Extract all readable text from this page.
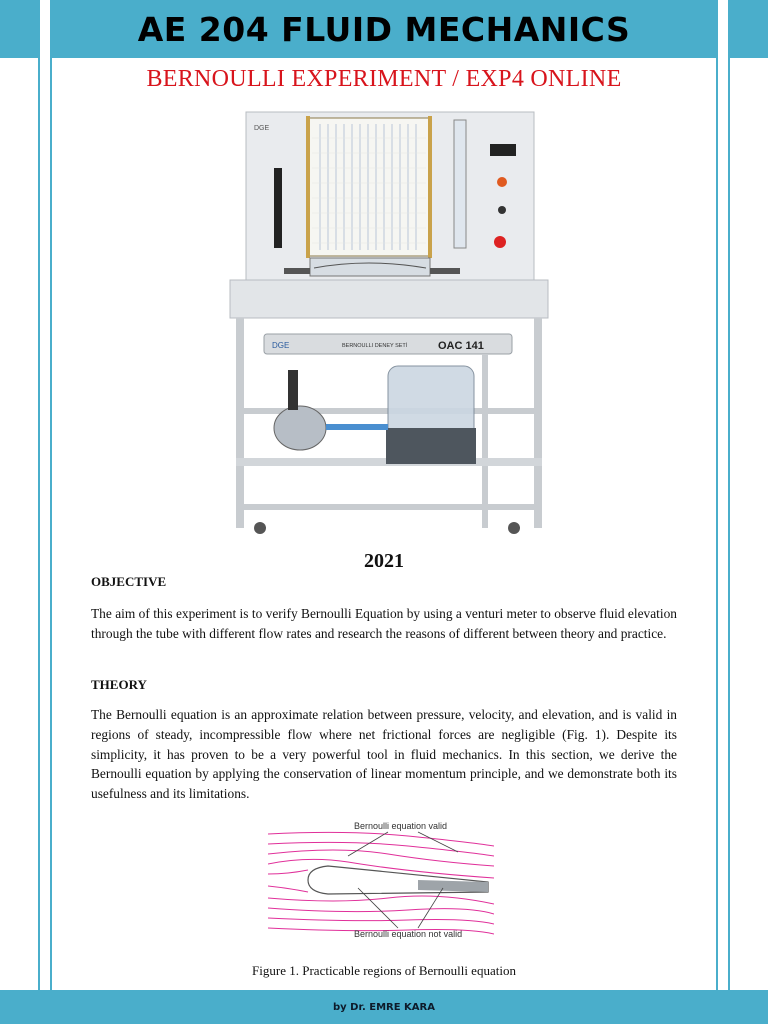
AE 204 FLUID MECHANICS
BERNOULLI EXPERIMENT / EXP4 ONLINE
DGE
DGE	BERNOULLI DENEY SETİ	OAC 141
2021
OBJECTIVE
The aim of this experiment is to verify Bernoulli Equation by using a venturi meter to observe fluid elevation through the tube with different flow rates and research the reasons of different between theory and practice.
THEORY
The Bernoulli equation is an approximate relation between pressure, velocity, and elevation, and is valid in regions of steady, incompressible flow where net frictional forces are negligible (Fig. 1). Despite its simplicity, it has proven to be a very powerful tool in fluid mechanics. In this section, we derive the Bernoulli equation by applying the conservation of linear momentum principle, and we demonstrate both its usefulness and its limitations.
Bernoulli equation valid
Bernoulli equation not valid
Figure 1. Practicable regions of Bernoulli equation
by Dr. EMRE KARA
